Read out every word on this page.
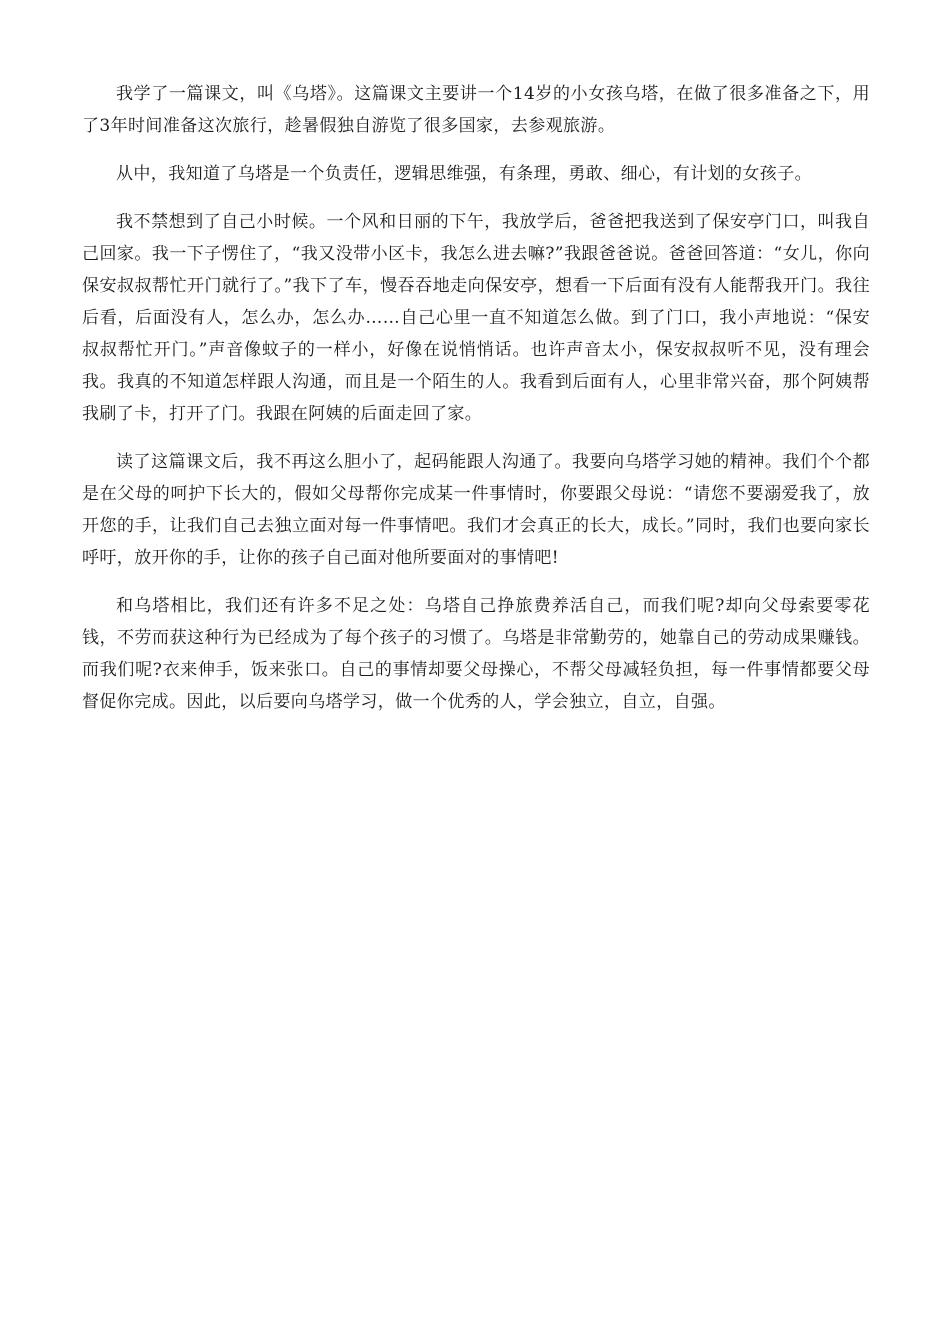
我学了一篇课文，叫《乌塔》。这篇课文主要讲一个14岁的小女孩乌塔，在做了很多准备之下，用了3年时间准备这次旅行，趁暑假独自游览了很多国家，去参观旅游。

从中，我知道了乌塔是一个负责任，逻辑思维强，有条理，勇敢、细心，有计划的女孩子。

我不禁想到了自己小时候。一个风和日丽的下午，我放学后，爸爸把我送到了保安亭门口，叫我自己回家。我一下子愣住了，“我又没带小区卡，我怎么进去嘛?”我跟爸爸说。爸爸回答道：“女儿，你向保安叔叔帮忙开门就行了。”我下了车，慢吞吞地走向保安亭，想看一下后面有没有人能帮我开门。我往后看，后面没有人，怎么办，怎么办……自己心里一直不知道怎么做。到了门口，我小声地说：“保安叔叔帮忙开门。”声音像蚊子的一样小，好像在说悄悄话。也许声音太小，保安叔叔听不见，没有理会我。我真的不知道怎样跟人沟通，而且是一个陌生的人。我看到后面有人，心里非常兴奋，那个阿姨帮我刷了卡，打开了门。我跟在阿姨的后面走回了家。

读了这篇课文后，我不再这么胆小了，起码能跟人沟通了。我要向乌塔学习她的精神。我们个个都是在父母的呵护下长大的，假如父母帮你完成某一件事情时，你要跟父母说：“请您不要溺爱我了，放开您的手，让我们自己去独立面对每一件事情吧。我们才会真正的长大，成长。”同时，我们也要向家长呼吁，放开你的手，让你的孩子自己面对他所要面对的事情吧!

和乌塔相比，我们还有许多不足之处：乌塔自己挣旅费养活自己，而我们呢?却向父母索要零花钱，不劳而获这种行为已经成为了每个孩子的习惯了。乌塔是非常勤劳的，她靠自己的劳动成果赚钱。而我们呢?衣来伸手，饭来张口。自己的事情却要父母操心，不帮父母减轻负担，每一件事情都要父母督促你完成。因此，以后要向乌塔学习，做一个优秀的人，学会独立，自立，自强。
